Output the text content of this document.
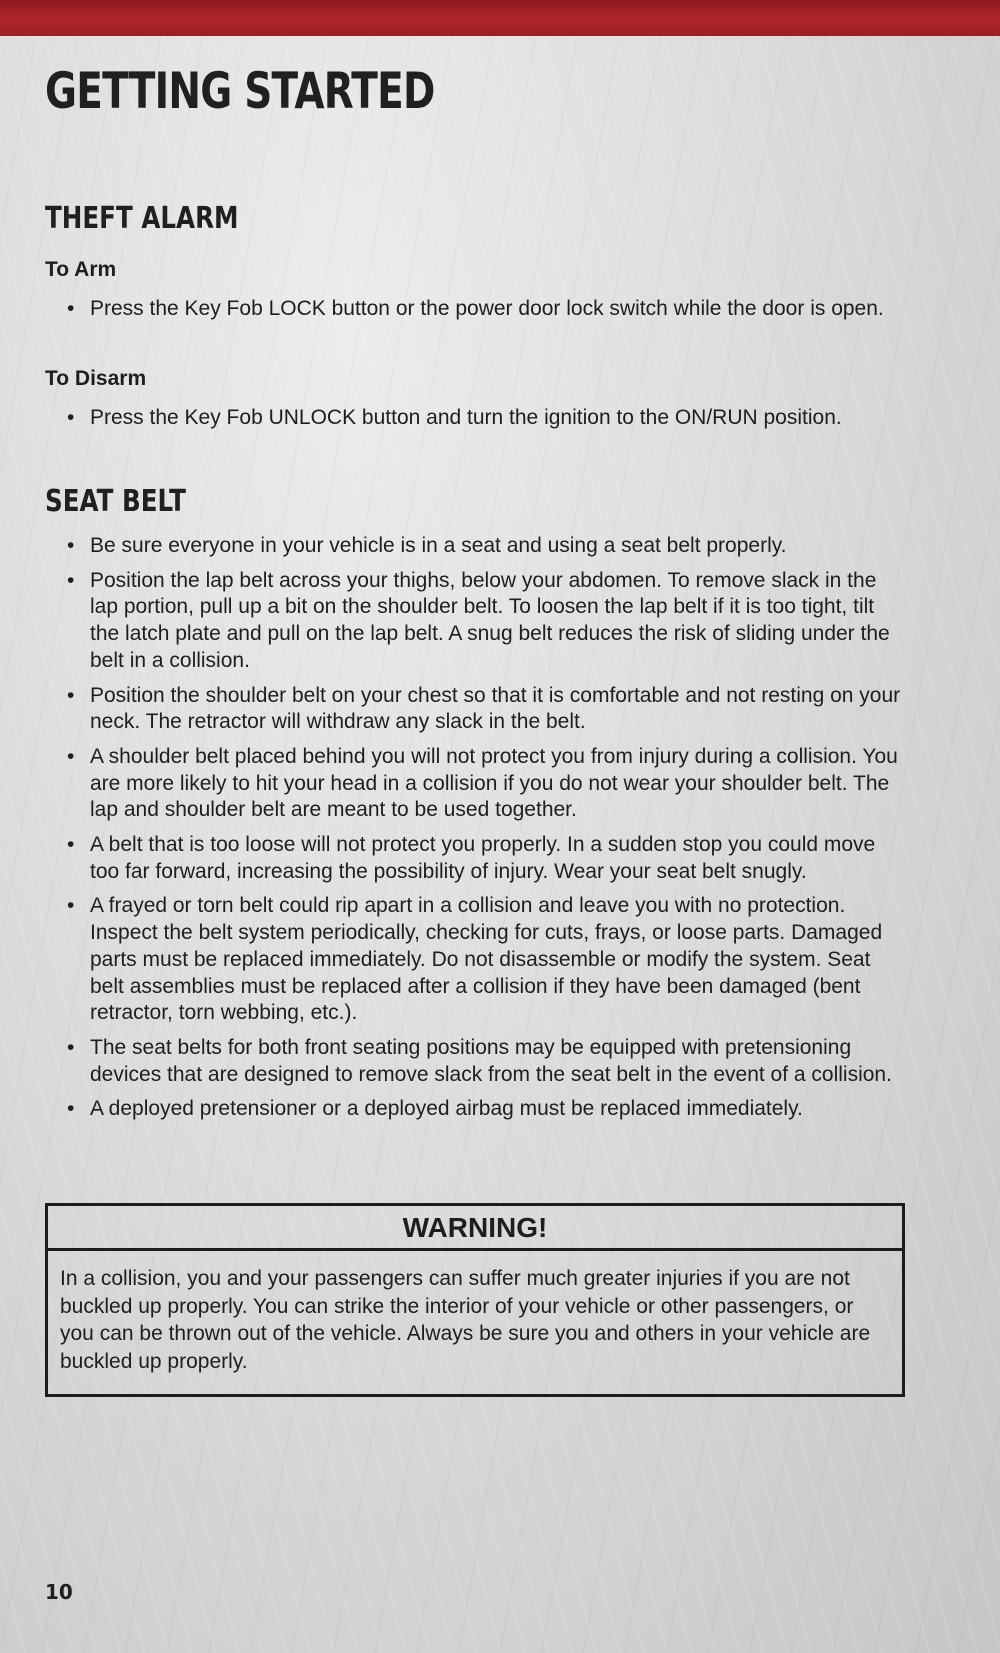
GETTING STARTED
THEFT ALARM
To Arm
• Press the Key Fob LOCK button or the power door lock switch while the door is open.
To Disarm
• Press the Key Fob UNLOCK button and turn the ignition to the ON/RUN position.
SEAT BELT
• Be sure everyone in your vehicle is in a seat and using a seat belt properly.
• Position the lap belt across your thighs, below your abdomen. To remove slack in the lap portion, pull up a bit on the shoulder belt. To loosen the lap belt if it is too tight, tilt the latch plate and pull on the lap belt. A snug belt reduces the risk of sliding under the belt in a collision.
• Position the shoulder belt on your chest so that it is comfortable and not resting on your neck. The retractor will withdraw any slack in the belt.
• A shoulder belt placed behind you will not protect you from injury during a collision. You are more likely to hit your head in a collision if you do not wear your shoulder belt. The lap and shoulder belt are meant to be used together.
• A belt that is too loose will not protect you properly. In a sudden stop you could move too far forward, increasing the possibility of injury. Wear your seat belt snugly.
• A frayed or torn belt could rip apart in a collision and leave you with no protection. Inspect the belt system periodically, checking for cuts, frays, or loose parts. Damaged parts must be replaced immediately. Do not disassemble or modify the system. Seat belt assemblies must be replaced after a collision if they have been damaged (bent retractor, torn webbing, etc.).
• The seat belts for both front seating positions may be equipped with pretensioning devices that are designed to remove slack from the seat belt in the event of a collision.
• A deployed pretensioner or a deployed airbag must be replaced immediately.
WARNING!
In a collision, you and your passengers can suffer much greater injuries if you are not buckled up properly. You can strike the interior of your vehicle or other passengers, or you can be thrown out of the vehicle. Always be sure you and others in your vehicle are buckled up properly.
10
